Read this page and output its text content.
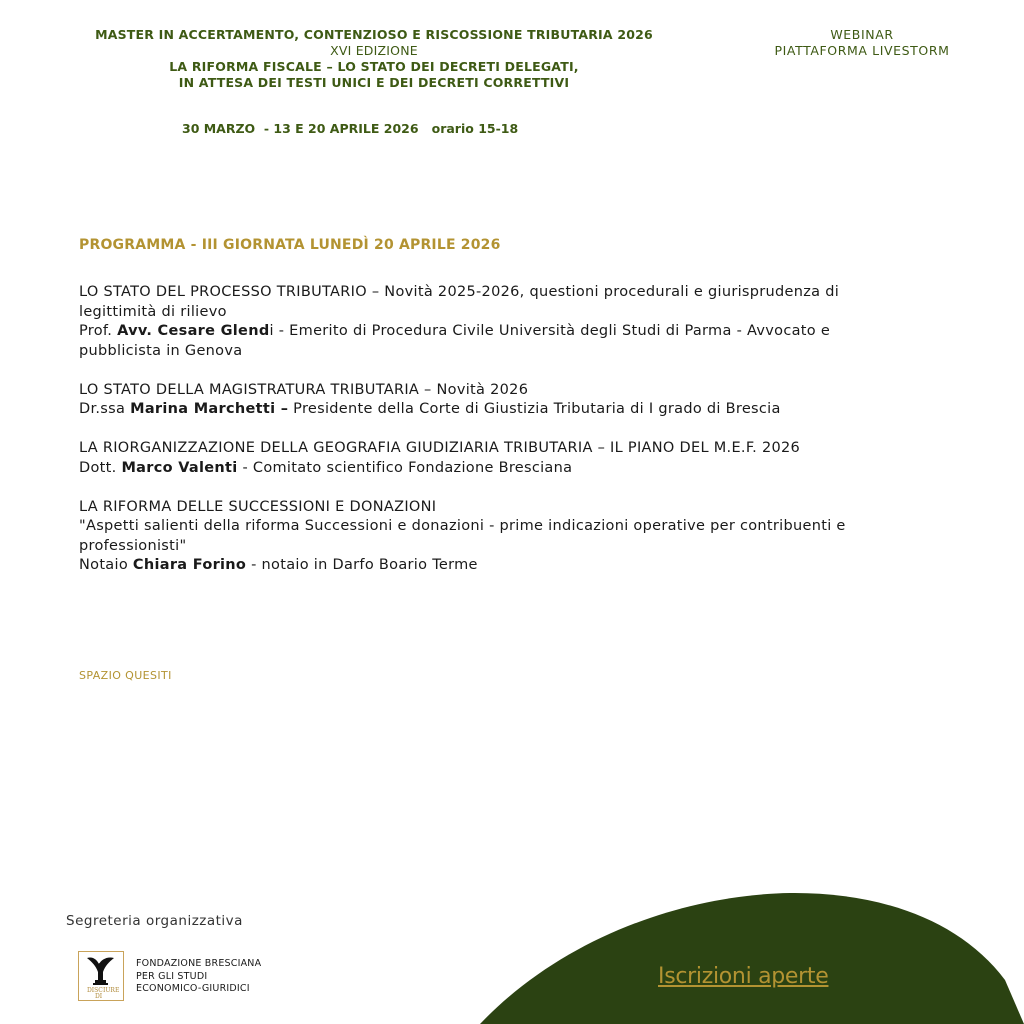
MASTER IN ACCERTAMENTO, CONTENZIOSO E RISCOSSIONE TRIBUTARIA 2026
XVI EDIZIONE
LA RIFORMA FISCALE – LO STATO DEI DECRETI DELEGATI,
IN ATTESA DEI TESTI UNICI E DEI DECRETI CORRETTIVI
WEBINAR
PIATTAFORMA LIVESTORM
30 MARZO  - 13 E 20 APRILE 2026   orario 15-18
PROGRAMMA - III GIORNATA LUNEDÌ 20 APRILE 2026

LO STATO DEL PROCESSO TRIBUTARIO – Novità 2025-2026, questioni procedurali e giurisprudenza di legittimità di rilievo

Prof. Avv. Cesare Glendi - Emerito di Procedura Civile Università degli Studi di Parma - Avvocato e pubblicista in Genova

LO STATO DELLA MAGISTRATURA TRIBUTARIA – Novità 2026

Dr.ssa Marina Marchetti – Presidente della Corte di Giustizia Tributaria di I grado di Brescia

LA RIORGANIZZAZIONE DELLA GEOGRAFIA GIUDIZIARIA TRIBUTARIA – IL PIANO DEL M.E.F. 2026

Dott. Marco Valenti - Comitato scientifico Fondazione Bresciana

LA RIFORMA DELLE SUCCESSIONI E DONAZIONI

"Aspetti salienti della riforma Successioni e donazioni - prime indicazioni operative per contribuenti e professionisti"

Notaio Chiara Forino - notaio in Darfo Boario Terme

SPAZIO QUESITI
Segreteria organizzativa
DISC IURE
DI
FONDAZIONE BRESCIANA
PER GLI STUDI
ECONOMICO-GIURIDICI	Iscrizioni aperte
